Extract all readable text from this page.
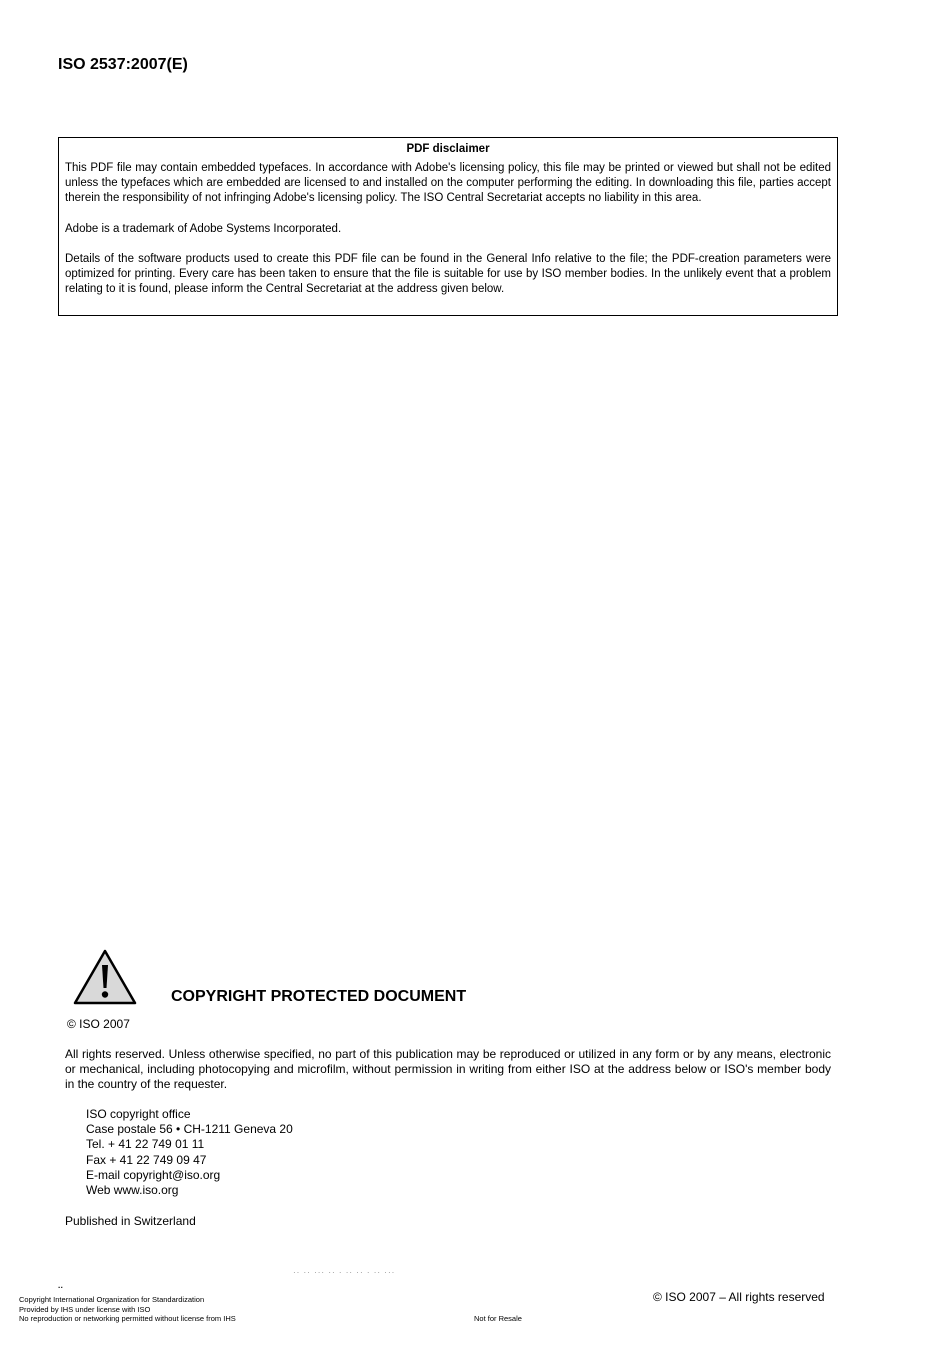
ISO 2537:2007(E)
PDF disclaimer

This PDF file may contain embedded typefaces. In accordance with Adobe's licensing policy, this file may be printed or viewed but shall not be edited unless the typefaces which are embedded are licensed to and installed on the computer performing the editing. In downloading this file, parties accept therein the responsibility of not infringing Adobe's licensing policy. The ISO Central Secretariat accepts no liability in this area.

Adobe is a trademark of Adobe Systems Incorporated.

Details of the software products used to create this PDF file can be found in the General Info relative to the file; the PDF-creation parameters were optimized for printing. Every care has been taken to ensure that the file is suitable for use by ISO member bodies. In the unlikely event that a problem relating to it is found, please inform the Central Secretariat at the address given below.

COPYRIGHT PROTECTED DOCUMENT
© ISO 2007
All rights reserved. Unless otherwise specified, no part of this publication may be reproduced or utilized in any form or by any means, electronic or mechanical, including photocopying and microfilm, without permission in writing from either ISO at the address below or ISO's member body in the country of the requester.
ISO copyright office
Case postale 56 • CH-1211 Geneva 20
Tel. + 41 22 749 01 11
Fax + 41 22 749 09 47
E-mail copyright@iso.org
Web www.iso.org
Published in Switzerland
·· ·· ··· ·· · ·· ·· · ·· ···
··
Copyright International Organization for Standardization
Provided by IHS under license with ISO
No reproduction or networking permitted without license from IHS	Not for Resale
© ISO 2007 – All rights reserved
